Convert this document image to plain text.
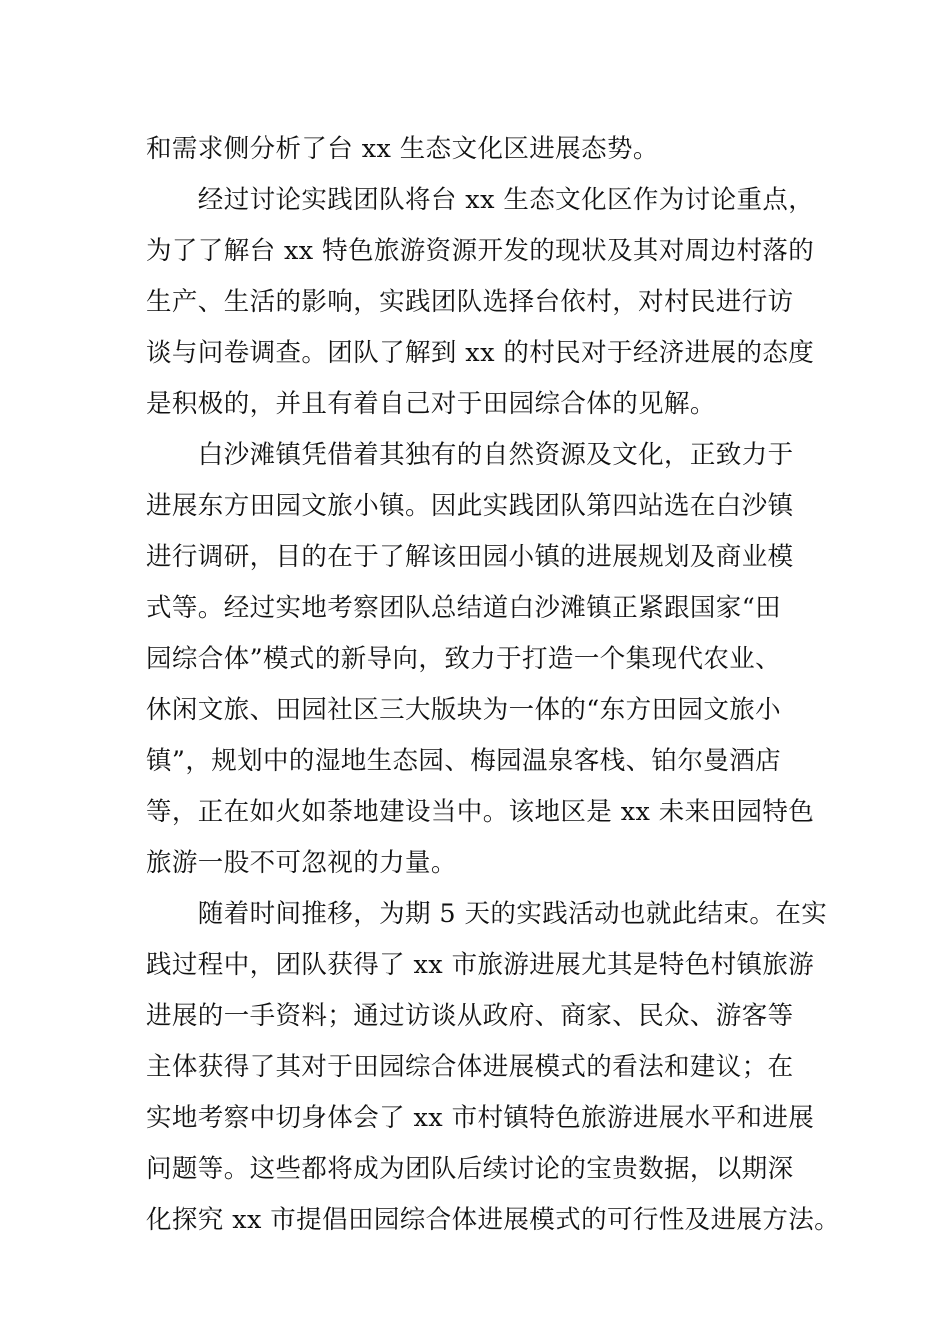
和需求侧分析了台 xx 生态文化区进展态势。
　　经过讨论实践团队将台 xx 生态文化区作为讨论重点，
为了了解台 xx 特色旅游资源开发的现状及其对周边村落的
生产、生活的影响，实践团队选择台依村，对村民进行访
谈与问卷调查。团队了解到 xx 的村民对于经济进展的态度
是积极的，并且有着自己对于田园综合体的见解。
　　白沙滩镇凭借着其独有的自然资源及文化，正致力于
进展东方田园文旅小镇。因此实践团队第四站选在白沙镇
进行调研，目的在于了解该田园小镇的进展规划及商业模
式等。经过实地考察团队总结道白沙滩镇正紧跟国家“田
园综合体”模式的新导向，致力于打造一个集现代农业、
休闲文旅、田园社区三大版块为一体的“东方田园文旅小
镇”，规划中的湿地生态园、梅园温泉客栈、铂尔曼酒店
等，正在如火如荼地建设当中。该地区是 xx 未来田园特色
旅游一股不可忽视的力量。
　　随着时间推移，为期 5 天的实践活动也就此结束。在实
践过程中，团队获得了 xx 市旅游进展尤其是特色村镇旅游
进展的一手资料；通过访谈从政府、商家、民众、游客等
主体获得了其对于田园综合体进展模式的看法和建议；在
实地考察中切身体会了 xx 市村镇特色旅游进展水平和进展
问题等。这些都将成为团队后续讨论的宝贵数据，以期深
化探究 xx 市提倡田园综合体进展模式的可行性及进展方法。
